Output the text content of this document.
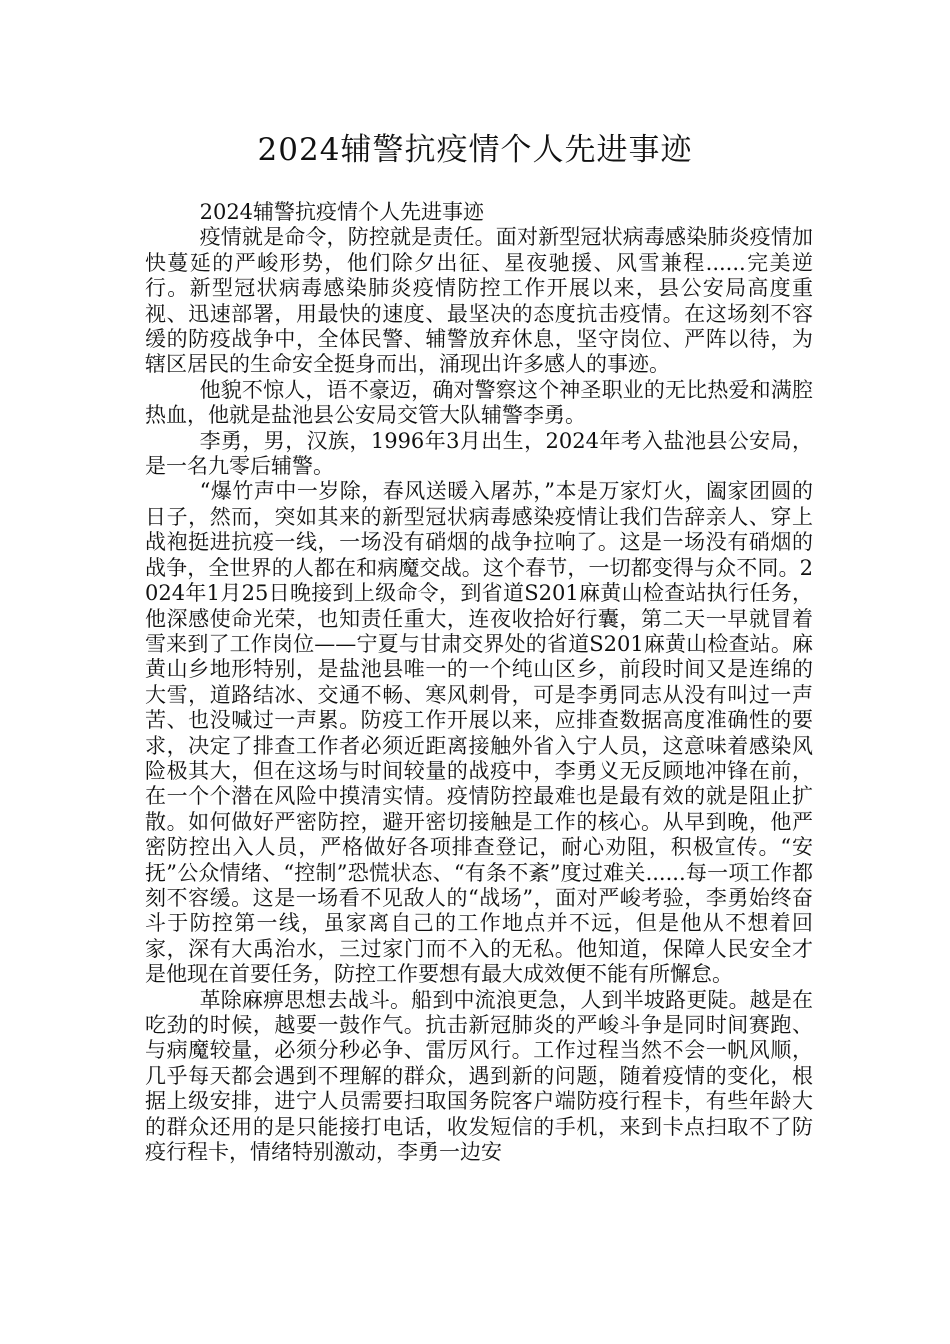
2024辅警抗疫情个人先进事迹

2024辅警抗疫情个人先进事迹

疫情就是命令，防控就是责任。面对新型冠状病毒感染肺炎疫情加快蔓延的严峻形势，他们除夕出征、星夜驰援、风雪兼程......完美逆行。新型冠状病毒感染肺炎疫情防控工作开展以来，县公安局高度重视、迅速部署，用最快的速度、最坚决的态度抗击疫情。在这场刻不容缓的防疫战争中，全体民警、辅警放弃休息，坚守岗位、严阵以待，为辖区居民的生命安全挺身而出，涌现出许多感人的事迹。

他貌不惊人，语不豪迈，确对警察这个神圣职业的无比热爱和满腔热血，他就是盐池县公安局交管大队辅警李勇。

李勇，男，汉族，1996年3月出生，2024年考入盐池县公安局，是一名九零后辅警。

“爆竹声中一岁除，春风送暖入屠苏，”本是万家灯火，阖家团圆的日子，然而，突如其来的新型冠状病毒感染疫情让我们告辞亲人、穿上战袍挺进抗疫一线，一场没有硝烟的战争拉响了。这是一场没有硝烟的战争，全世界的人都在和病魔交战。这个春节，一切都变得与众不同。2024年1月25日晚接到上级命令，到省道S201麻黄山检查站执行任务，他深感使命光荣，也知责任重大，连夜收拾好行囊，第二天一早就冒着雪来到了工作岗位——宁夏与甘肃交界处的省道S201麻黄山检查站。麻黄山乡地形特别，是盐池县唯一的一个纯山区乡，前段时间又是连绵的大雪，道路结冰、交通不畅、寒风刺骨，可是李勇同志从没有叫过一声苦、也没喊过一声累。防疫工作开展以来，应排查数据高度准确性的要求，决定了排查工作者必须近距离接触外省入宁人员，这意味着感染风险极其大，但在这场与时间较量的战疫中，李勇义无反顾地冲锋在前，在一个个潜在风险中摸清实情。疫情防控最难也是最有效的就是阻止扩散。如何做好严密防控，避开密切接触是工作的核心。从早到晚，他严密防控出入人员，严格做好各项排查登记，耐心劝阻，积极宣传。“安抚”公众情绪、“控制”恐慌状态、“有条不紊”度过难关......每一项工作都刻不容缓。这是一场看不见敌人的“战场”，面对严峻考验，李勇始终奋斗于防控第一线，虽家离自己的工作地点并不远，但是他从不想着回家，深有大禹治水，三过家门而不入的无私。他知道，保障人民安全才是他现在首要任务，防控工作要想有最大成效便不能有所懈怠。

革除麻痹思想去战斗。船到中流浪更急，人到半坡路更陡。越是在吃劲的时候，越要一鼓作气。抗击新冠肺炎的严峻斗争是同时间赛跑、与病魔较量，必须分秒必争、雷厉风行。工作过程当然不会一帆风顺，几乎每天都会遇到不理解的群众，遇到新的问题，随着疫情的变化，根据上级安排，进宁人员需要扫取国务院客户端防疫行程卡，有些年龄大的群众还用的是只能接打电话，收发短信的手机，来到卡点扫取不了防疫行程卡，情绪特别激动，李勇一边安
